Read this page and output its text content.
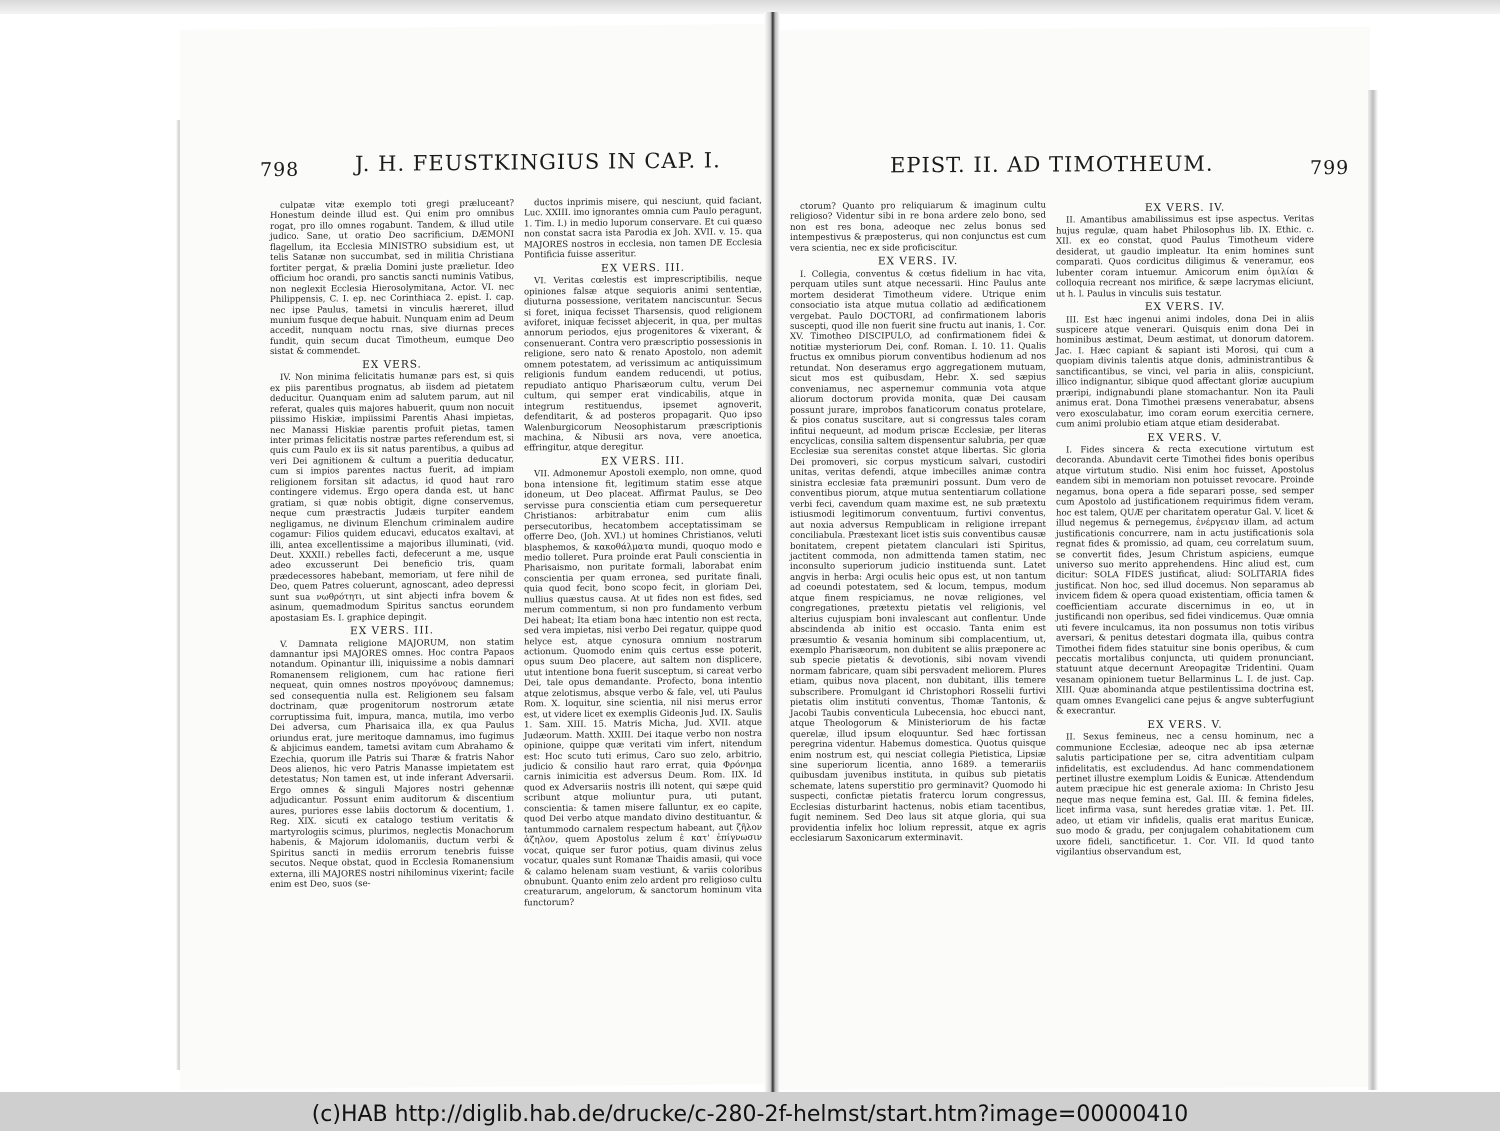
798	J. H. FEUSTKINGIUS IN CAP. I.

culpatæ vitæ exemplo toti gregi præluceant? Honestum deinde illud est. Qui enim pro omnibus rogat, pro illo omnes rogabunt. Tandem, & illud utile judico. Sane, ut oratio Deo sacrificium, DÆMONI flagellum, ita Ecclesia MINISTRO subsidium est, ut telis Satanæ non succumbat, sed in militia Christiana fortiter pergat, & prælia Domini juste prælietur. Ideo officium hoc orandi, pro sanctis sancti numinis Vatibus, non neglexit Ecclesia Hierosolymitana, Actor. VI. nec Philippensis, C. I. ep. nec Corinthiaca 2. epist. I. cap. nec ipse Paulus, tametsi in vinculis hæreret, illud munium fusque deque habuit. Nunquam enim ad Deum accedit, nunquam noctu rnas, sive diurnas preces fundit, quin secum ducat Timotheum, eumque Deo sistat & commendet.

EX VERS.

IV. Non minima felicitatis humanæ pars est, si quis ex piis parentibus prognatus, ab iisdem ad pietatem deducitur. Quanquam enim ad salutem parum, aut nil referat, quales quis majores habuerit, quum non nocuit piissimo Hiskiæ, impiissimi Parentis Ahasi impietas, nec Manassi Hiskiæ parentis profuit pietas, tamen inter primas felicitatis nostræ partes referendum est, si quis cum Paulo ex iis sit natus parentibus, a quibus ad veri Dei agnitionem & cultum a pueritia deducatur, cum si impios parentes nactus fuerit, ad impiam religionem forsitan sit adactus, id quod haut raro contingere videmus. Ergo opera danda est, ut hanc gratiam, si quæ nobis obtigit, digne conservemus, neque cum præstractis Judæis turpiter eandem negligamus, ne divinum Elenchum criminalem audire cogamur: Filios quidem educavi, educatos exaltavi, at illi, antea excellentissime a majoribus illuminati, (vid. Deut. XXXII.) rebelles facti, defecerunt a me, usque adeo excusserunt Dei beneficio tris, quam prædecessores habebant, memoriam, ut fere nihil de Deo, quem Patres coluerunt, agnoscant, adeo depressi sunt sua νωθρότητι, ut sint abjecti infra bovem & asinum, quemadmodum Spiritus sanctus eorundem apostasiam Es. I. graphice depingit.

EX VERS. III.

V. Damnata religione MAJORUM, non statim damnantur ipsi MAJORES omnes. Hoc contra Papaos notandum. Opinantur illi, iniquissime a nobis damnari Romanensem religionem, cum hac ratione fieri nequeat, quin omnes nostros προγόνους damnemus; sed consequentia nulla est. Religionem seu falsam doctrinam, quæ progenitorum nostrorum ætate corruptissima fuit, impura, manca, mutila, imo verbo Dei adversa, cum Pharisaica illa, ex qua Paulus oriundus erat, jure meritoque damnamus, imo fugimus & abjicimus eandem, tametsi avitam cum Abrahamo & Ezechia, quorum ille Patris sui Tharæ & fratris Nahor Deos alienos, hic vero Patris Manasse impietatem est detestatus; Non tamen est, ut inde inferant Adversarii. Ergo omnes & singuli Majores nostri gehennæ adjudicantur. Possunt enim auditorum & discentium aures, puriores esse labiis doctorum & docentium, 1. Reg. XIX. sicuti ex catalogo testium veritatis & martyrologiis scimus, plurimos, neglectis Monachorum habenis, & Majorum idolomaniis, ductum verbi & Spiritus sancti in mediis errorum tenebris fuisse secutos. Neque obstat, quod in Ecclesia Romanensium externa, illi MAJORES nostri nihilominus vixerint; facile enim est Deo, suos (se-

ductos inprimis misere, qui nesciunt, quid faciant, Luc. XXIII. imo ignorantes omnia cum Paulo peragunt, 1. Tim. I.) in medio luporum conservare. Et cui quæso non constat sacra ista Parodia ex Joh. XVII. v. 15. qua MAJORES nostros in ecclesia, non tamen DE Ecclesia Pontificia fuisse asseritur.

EX VERS. III.

VI. Veritas cœlestis est imprescriptibilis, neque opiniones falsæ atque sequioris animi sententiæ, diuturna possessione, veritatem nanciscuntur. Secus si foret, iniqua fecisset Tharsensis, quod religionem aviforet, iniquæ fecisset abjecerit, in qua, per multas annorum periodos, ejus progenitores & vixerant, & consenuerant. Contra vero præscriptio possessionis in religione, sero nato & renato Apostolo, non ademit omnem potestatem, ad verissimum ac antiquissimum religionis fundum eandem reducendi, ut potius, repudiato antiquo Pharisæorum cultu, verum Dei cultum, qui semper erat vindicabilis, atque in integrum restituendus, ipsemet agnoverit, defenditarit, & ad posteros propagarit. Quo ipso Walenburgicorum Neosophistarum præscriptionis machina, & Nibusii ars nova, vere anoetica, effringitur, atque deregitur.

EX VERS. III.

VII. Admonemur Apostoli exemplo, non omne, quod bona intensione fit, legitimum statim esse atque idoneum, ut Deo placeat. Affirmat Paulus, se Deo servisse pura conscientia etiam cum persequeretur Christianos: arbitrabatur enim cum aliis persecutoribus, hecatombem acceptatissimam se offerre Deo, (Joh. XVI.) ut homines Christianos, veluti blasphemos, & κακοθάλματα mundi, quoquo modo e medio tolleret. Pura proinde erat Pauli conscientia in Pharisaismo, non puritate formali, laborabat enim conscientia per quam erronea, sed puritate finali, quia quod fecit, bono scopo fecit, in gloriam Dei, nullius quæstus causa. At ut fides non est fides, sed merum commentum, si non pro fundamento verbum Dei habeat; Ita etiam bona hæc intentio non est recta, sed vera impietas, nisi verbo Dei regatur, quippe quod helyce est, atque cynosura omnium nostrarum actionum. Quomodo enim quis certus esse poterit, opus suum Deo placere, aut saltem non displicere, utut intentione bona fuerit susceptum, si careat verbo Dei, tale opus demandante. Profecto, bona intentio atque zelotismus, absque verbo & fale, vel, uti Paulus Rom. X. loquitur, sine scientia, nil nisi merus error est, ut videre licet ex exemplis Gideonis Jud. IX. Saulis 1. Sam. XIII. 15. Matris Micha, Jud. XVII. atque Judæorum. Matth. XXIII. Dei itaque verbo non nostra opinione, quippe quæ veritati vim infert, nitendum est: Hoc scuto tuti erimus, Caro suo zelo, arbitrio, judicio & consilio haut raro errat, quia Φρόνημα carnis inimicitia est adversus Deum. Rom. IIX. Id quod ex Adversariis nostris illi notent, qui sæpe quid scribunt atque moliuntur pura, uti putant, conscientia: & tamen misere falluntur, ex eo capite, quod Dei verbo atque mandato divino destituantur, & tantummodo carnalem respectum habeant, aut ζῆλον ἀζηλον, quem Apostolus zelum ἐ κατ' ἐπίγνωσιν vocat, quique ser furor potius, quam divinus zelus vocatur, quales sunt Romanæ Thaidis amasii, qui voce & calamo helenam suam vestiunt, & variis coloribus obnubunt. Quanto enim zelo ardent pro religioso cultu creaturarum, angelorum, & sanctorum hominum vita functorum?

EPIST. II. AD TIMOTHEUM.	799

ctorum? Quanto pro reliquiarum & imaginum cultu religioso? Videntur sibi in re bona ardere zelo bono, sed non est res bona, adeoque nec zelus bonus sed intempestivus & præposterus, qui non conjunctus est cum vera scientia, nec ex side proficiscitur.

EX VERS. IV.

I. Collegia, conventus & cœtus fidelium in hac vita, perquam utiles sunt atque necessarii. Hinc Paulus ante mortem desiderat Timotheum videre. Utrique enim consociatio ista atque mutua collatio ad ædificationem vergebat. Paulo DOCTORI, ad confirmationem laboris suscepti, quod ille non fuerit sine fructu aut inanis, 1. Cor. XV. Timotheo DISCIPULO, ad confirmationem fidei & notitiæ mysteriorum Dei, conf. Roman. I. 10. 11. Qualis fructus ex omnibus piorum conventibus hodienum ad nos retundat. Non deseramus ergo aggregationem mutuam, sicut mos est quibusdam, Hebr. X. sed sæpius conveniamus, nec aspernemur communia vota atque aliorum doctorum provida monita, quæ Dei causam possunt jurare, improbos fanaticorum conatus protelare, & pios conatus suscitare, aut si congressus tales coram infitui nequeunt, ad modum priscæ Ecclesiæ, per literas encyclicas, consilia saltem dispensentur salubria, per quæ Ecclesiæ sua serenitas constet atque libertas. Sic gloria Dei promoveri, sic corpus mysticum salvari, custodiri unitas, veritas defendi, atque imbecilles animæ contra sinistra ecclesiæ fata præmuniri possunt. Dum vero de conventibus piorum, atque mutua sententiarum collatione verbi feci, cavendum quam maxime est, ne sub prætextu istiusmodi legitimorum conventuum, furtivi conventus, aut noxia adversus Rempublicam in religione irrepant conciliabula. Præstexant licet istis suis conventibus causæ bonitatem, crepent pietatem clanculari isti Spiritus, jactitent commoda, non admittenda tamen statim, nec inconsulto superiorum judicio instituenda sunt. Latet angvis in herba: Argi oculis heic opus est, ut non tantum ad coeundi potestatem, sed & locum, tempus, modum atque finem respiciamus, ne novæ religiones, vel congregationes, prætextu pietatis vel religionis, vel alterius cujuspiam boni invalescant aut conflentur. Unde abscindenda ab initio est occasio. Tanta enim est præsumtio & vesania hominum sibi complacentium, ut, exemplo Pharisæorum, non dubitent se aliis præponere ac sub specie pietatis & devotionis, sibi novam vivendi normam fabricare, quam sibi persvadent meliorem. Plures etiam, quibus nova placent, non dubitant, illis temere subscribere. Promulgant id Christophori Rosselii furtivi pietatis olim instituti conventus, Thomæ Tantonis, & Jacobi Taubis conventicula Lubecensia, hoc ebucci nant, atque Theologorum & Ministeriorum de his factæ querelæ, illud ipsum eloquuntur. Sed hæc fortissan peregrina videntur. Habemus domestica. Quotus quisque enim nostrum est, qui nesciat collegia Pietistica, Lipsiæ sine superiorum licentia, anno 1689. a temerariis quibusdam juvenibus instituta, in quibus sub pietatis schemate, latens superstitio pro germinavit? Quomodo hi suspecti, confictæ pietatis fratercu lorum congressus, Ecclesias disturbarint hactenus, nobis etiam tacentibus, fugit neminem. Sed Deo laus sit atque gloria, qui sua providentia infelix hoc lolium repressit, atque ex agris ecclesiarum Saxonicarum exterminavit.

EX VERS. IV.

II. Amantibus amabilissimus est ipse aspectus. Veritas hujus regulæ, quam habet Philosophus lib. IX. Ethic. c. XII. ex eo constat, quod Paulus Timotheum videre desiderat, ut gaudio impleatur. Ita enim homines sunt comparati. Quos cordicitus diligimus & veneramur, eos lubenter coram intuemur. Amicorum enim ὁμιλίαι & colloquia recreant nos mirifice, & sæpe lacrymas eliciunt, ut h. l. Paulus in vinculis suis testatur.

EX VERS. IV.

III. Est hæc ingenui animi indoles, dona Dei in aliis suspicere atque venerari. Quisquis enim dona Dei in hominibus æstimat, Deum æstimat, ut donorum datorem. Jac. I. Hæc capiant & sapiant isti Morosi, qui cum a quopiam divinis talentis atque donis, administrantibus & sanctificantibus, se vinci, vel paria in aliis, conspiciunt, illico indignantur, sibique quod affectant gloriæ aucupium præripi, indignabundi plane stomachantur. Non ita Pauli animus erat. Dona Timothei præsens venerabatur, absens vero exosculabatur, imo coram eorum exercitia cernere, cum animi prolubio etiam atque etiam desiderabat.

EX VERS. V.

I. Fides sincera & recta executione virtutum est decoranda. Abundavit certe Timothei fides bonis operibus atque virtutum studio. Nisi enim hoc fuisset, Apostolus eandem sibi in memoriam non potuisset revocare. Proinde negamus, bona opera a fide separari posse, sed semper cum Apostolo ad justificationem requirimus fidem veram, hoc est talem, QUÆ per charitatem operatur Gal. V. licet & illud negemus & pernegemus, ἐνέργειαν illam, ad actum justificationis concurrere, nam in actu justificationis sola regnat fides & promissio, ad quam, ceu correlatum suum, se convertit fides, Jesum Christum aspiciens, eumque universo suo merito apprehendens. Hinc aliud est, cum dicitur: SOLA FIDES justificat, aliud: SOLITARIA fides justificat. Non hoc, sed illud docemus. Non separamus ab invicem fidem & opera quoad existentiam, officia tamen & coefficientiam accurate discernimus in eo, ut in justificandi non operibus, sed fidei vindicemus. Quæ omnia uti fevere inculcamus, ita non possumus non totis viribus aversari, & penitus detestari dogmata illa, quibus contra Timothei fidem fides statuitur sine bonis operibus, & cum peccatis mortalibus conjuncta, uti quidem pronunciant, statuunt atque decernunt Areopagitæ Tridentini. Quam vesanam opinionem tuetur Bellarminus L. I. de just. Cap. XIII. Quæ abominanda atque pestilentissima doctrina est, quam omnes Evangelici cane pejus & angve subterfugiunt & execrantur.

EX VERS. V.

II. Sexus femineus, nec a censu hominum, nec a communione Ecclesiæ, adeoque nec ab ipsa æternæ salutis participatione per se, citra adventitiam culpam infidelitatis, est excludendus. Ad hanc commendationem pertinet illustre exemplum Loidis & Eunicæ. Attendendum autem præcipue hic est generale axioma: In Christo Jesu neque mas neque femina est, Gal. III. & femina fideles, licet infirma vasa, sunt heredes gratiæ vitæ. 1. Pet. III. adeo, ut etiam vir infidelis, qualis erat maritus Eunicæ, suo modo & gradu, per conjugalem cohabitationem cum uxore fideli, sanctificetur. 1. Cor. VII. Id quod tanto vigilantius observandum est,

(c)HAB http://diglib.hab.de/drucke/c-280-2f-helmst/start.htm?image=00000410
